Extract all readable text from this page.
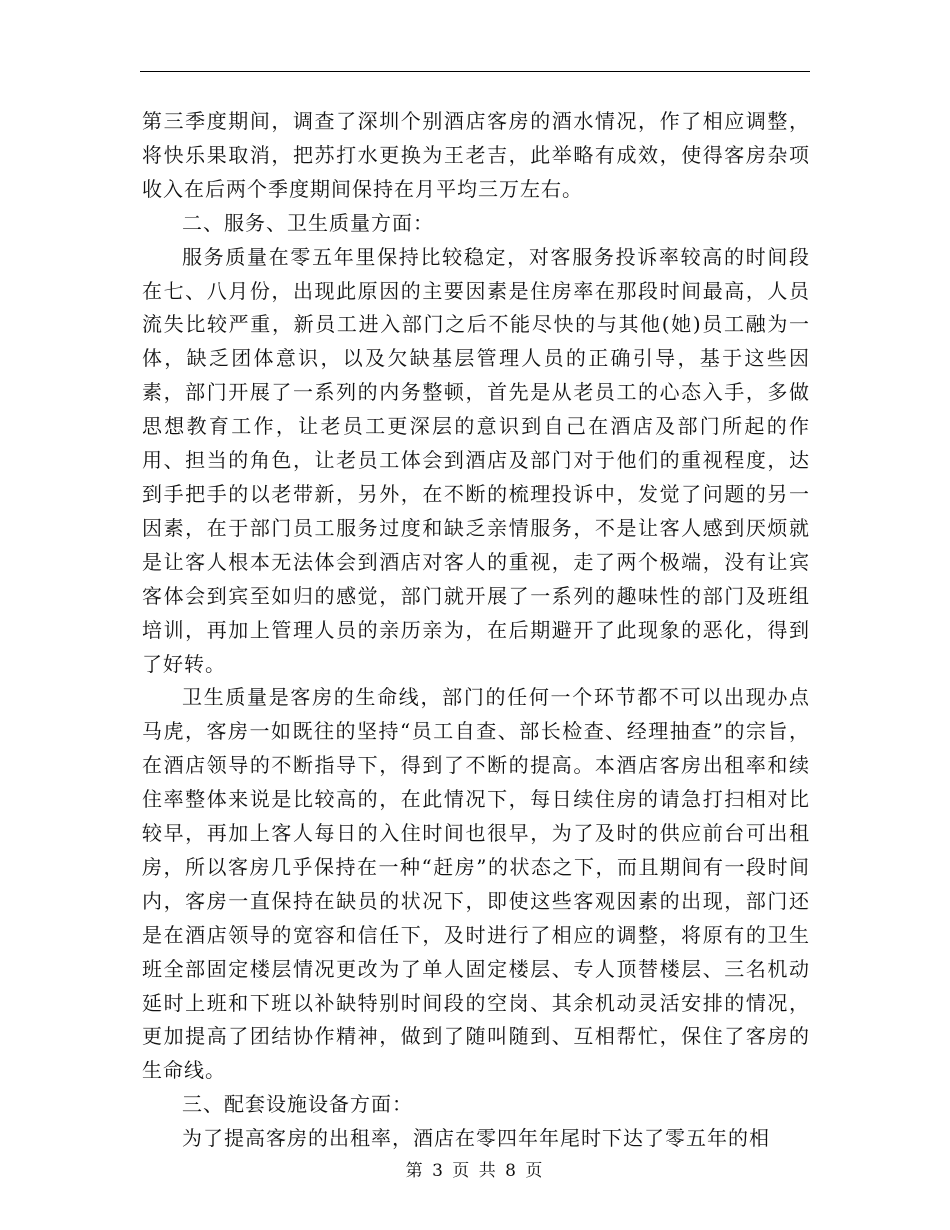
第三季度期间，调查了深圳个别酒店客房的酒水情况，作了相应调整，将快乐果取消，把苏打水更换为王老吉，此举略有成效，使得客房杂项收入在后两个季度期间保持在月平均三万左右。

二、服务、卫生质量方面：

服务质量在零五年里保持比较稳定，对客服务投诉率较高的时间段在七、八月份，出现此原因的主要因素是住房率在那段时间最高，人员流失比较严重，新员工进入部门之后不能尽快的与其他(她)员工融为一体，缺乏团体意识，以及欠缺基层管理人员的正确引导，基于这些因素，部门开展了一系列的内务整顿，首先是从老员工的心态入手，多做思想教育工作，让老员工更深层的意识到自己在酒店及部门所起的作用、担当的角色，让老员工体会到酒店及部门对于他们的重视程度，达到手把手的以老带新，另外，在不断的梳理投诉中，发觉了问题的另一因素，在于部门员工服务过度和缺乏亲情服务，不是让客人感到厌烦就是让客人根本无法体会到酒店对客人的重视，走了两个极端，没有让宾客体会到宾至如归的感觉，部门就开展了一系列的趣味性的部门及班组培训，再加上管理人员的亲历亲为，在后期避开了此现象的恶化，得到了好转。

卫生质量是客房的生命线，部门的任何一个环节都不可以出现办点马虎，客房一如既往的坚持“员工自查、部长检查、经理抽查”的宗旨，在酒店领导的不断指导下，得到了不断的提高。本酒店客房出租率和续住率整体来说是比较高的，在此情况下，每日续住房的请急打扫相对比较早，再加上客人每日的入住时间也很早，为了及时的供应前台可出租房，所以客房几乎保持在一种“赶房”的状态之下，而且期间有一段时间内，客房一直保持在缺员的状况下，即使这些客观因素的出现，部门还是在酒店领导的宽容和信任下，及时进行了相应的调整，将原有的卫生班全部固定楼层情况更改为了单人固定楼层、专人顶替楼层、三名机动延时上班和下班以补缺特别时间段的空岗、其余机动灵活安排的情况，更加提高了团结协作精神，做到了随叫随到、互相帮忙，保住了客房的生命线。

三、配套设施设备方面：

为了提高客房的出租率，酒店在零四年年尾时下达了零五年的相

第 3 页 共 8 页
